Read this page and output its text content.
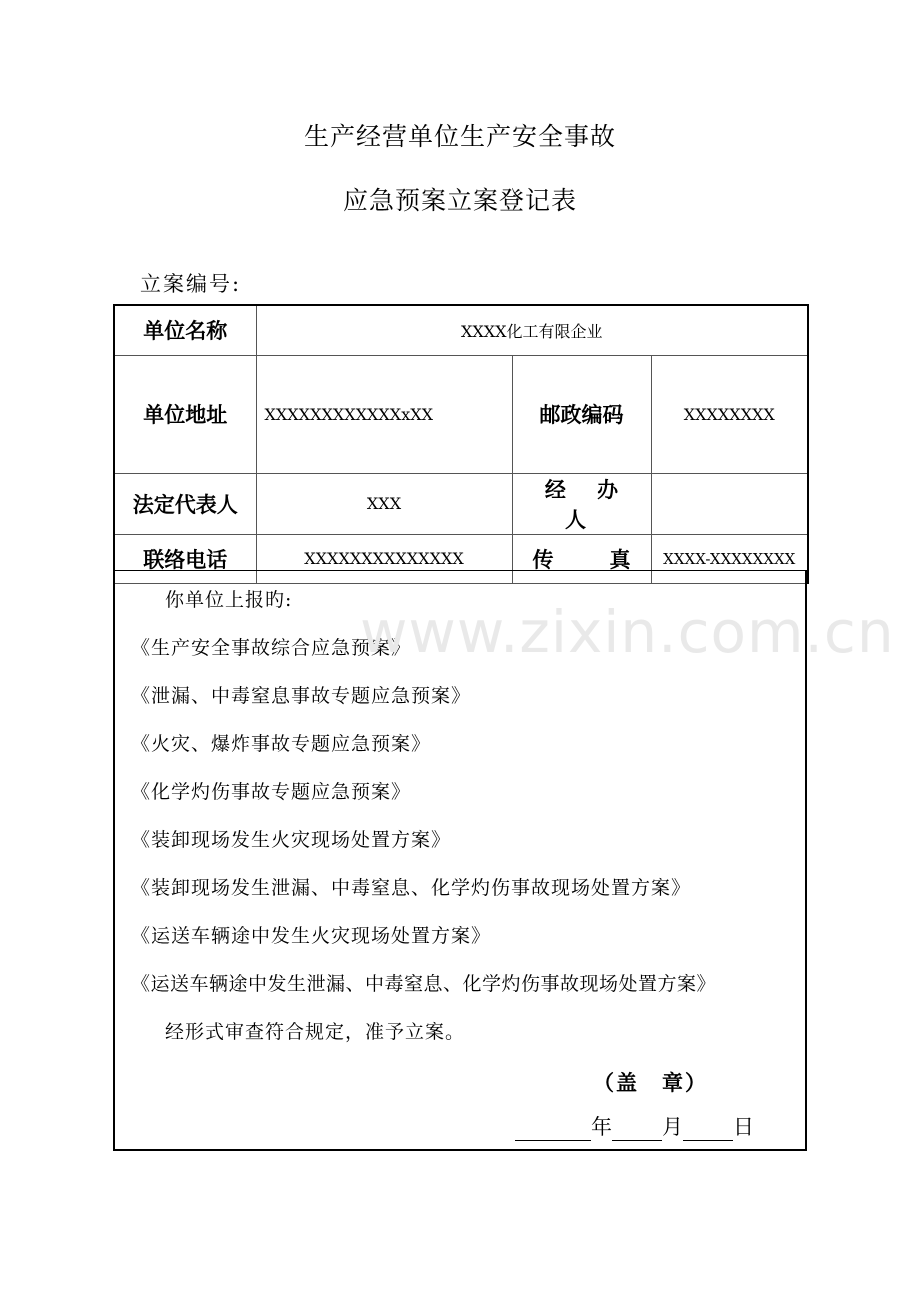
生产经营单位生产安全事故
应急预案立案登记表
立案编号:
单位名称	XXXX化工有限企业		
单位地址	XXXXXXXXXXXXxXX	邮政编码	XXXXXXXX
法定代表人	XXX	经 办 人	
联络电话	XXXXXXXXXXXXXX	传 真	XXXX-XXXXXXXX
你单位上报旳:
《生产安全事故综合应急预案》
《泄漏、中毒窒息事故专题应急预案》
《火灾、爆炸事故专题应急预案》
《化学灼伤事故专题应急预案》
《装卸现场发生火灾现场处置方案》
《装卸现场发生泄漏、中毒窒息、化学灼伤事故现场处置方案》
《运送车辆途中发生火灾现场处置方案》
《运送车辆途中发生泄漏、中毒窒息、化学灼伤事故现场处置方案》
经形式审查符合规定，准予立案。
（盖　章）
年 月 日
www.zixin.com.cn
